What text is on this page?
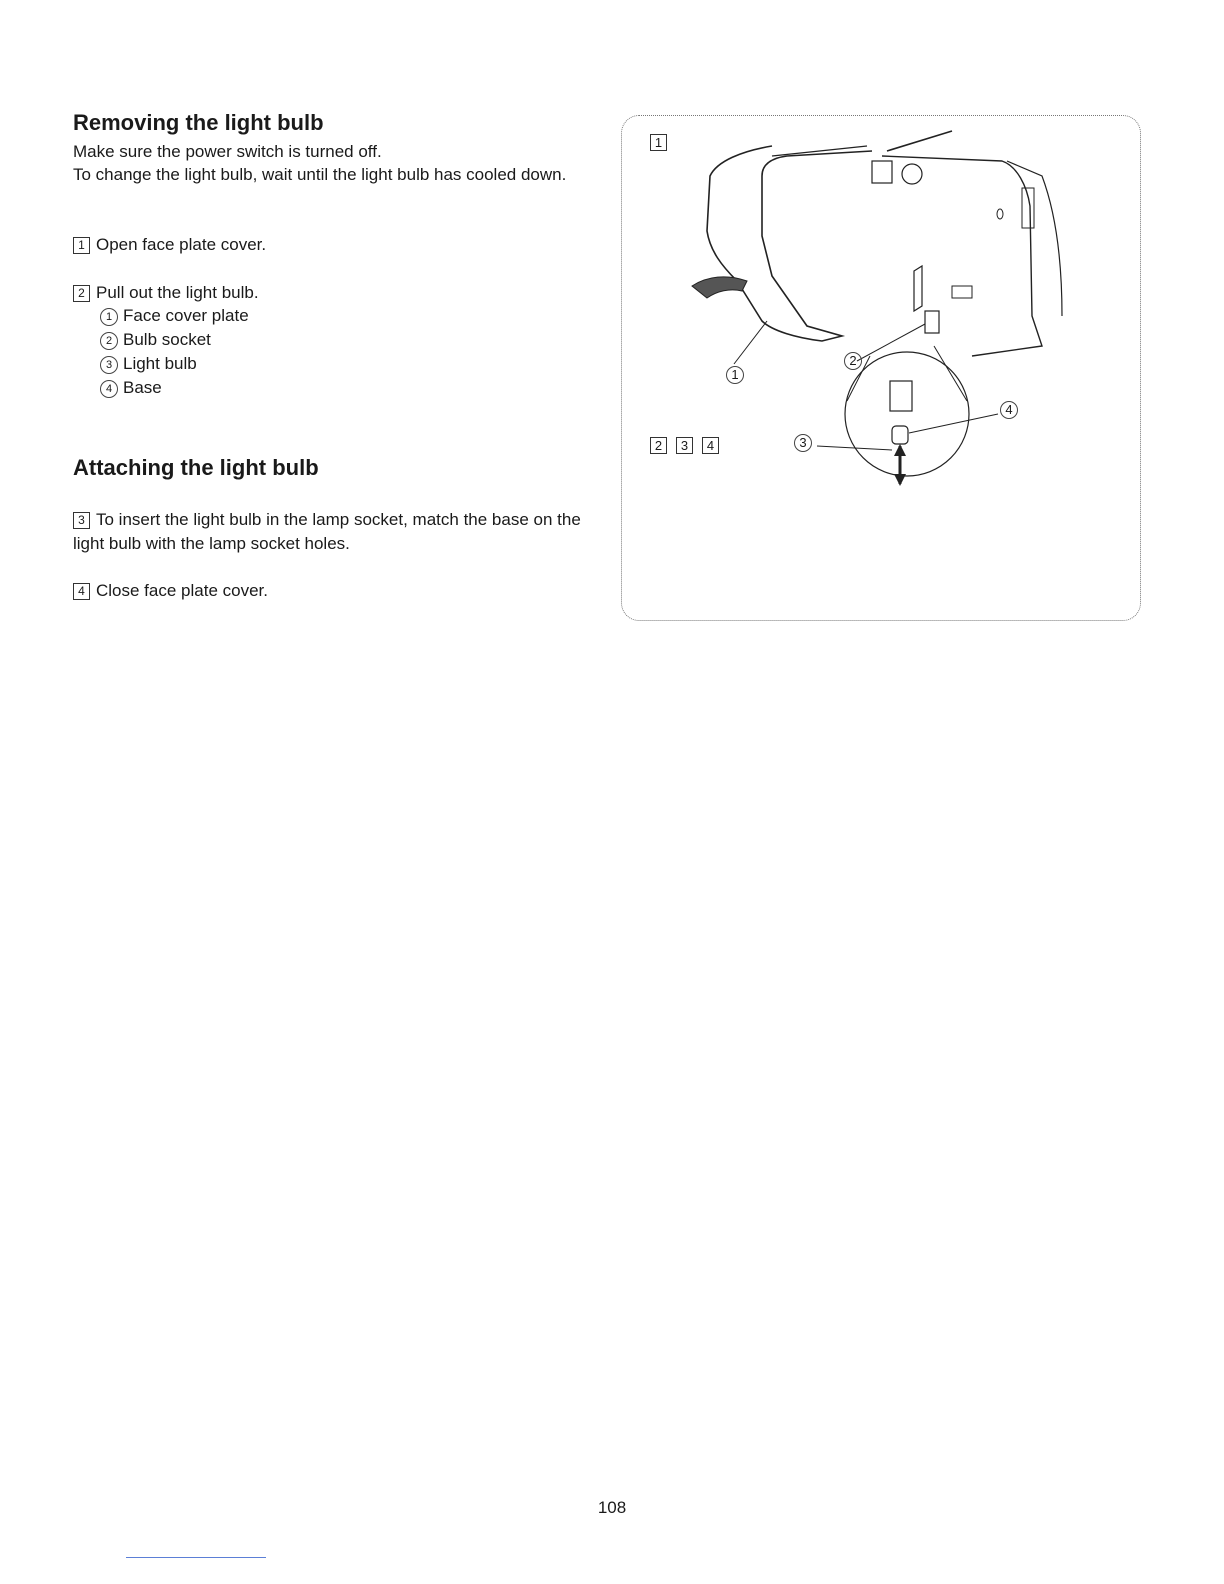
Removing the light bulb

Make sure the power switch is turned off.

To change the light bulb, wait until the light bulb has cooled down.

1 Open face plate cover.
2 Pull out the light bulb.
1 Face cover plate
2 Bulb socket
3 Light bulb
4 Base
Attaching the light bulb
3 To insert the light bulb in the lamp socket, match the base on the light bulb with the lamp socket holes.
4 Close face plate cover.
1
2	3	4
1
2
3
4
108
